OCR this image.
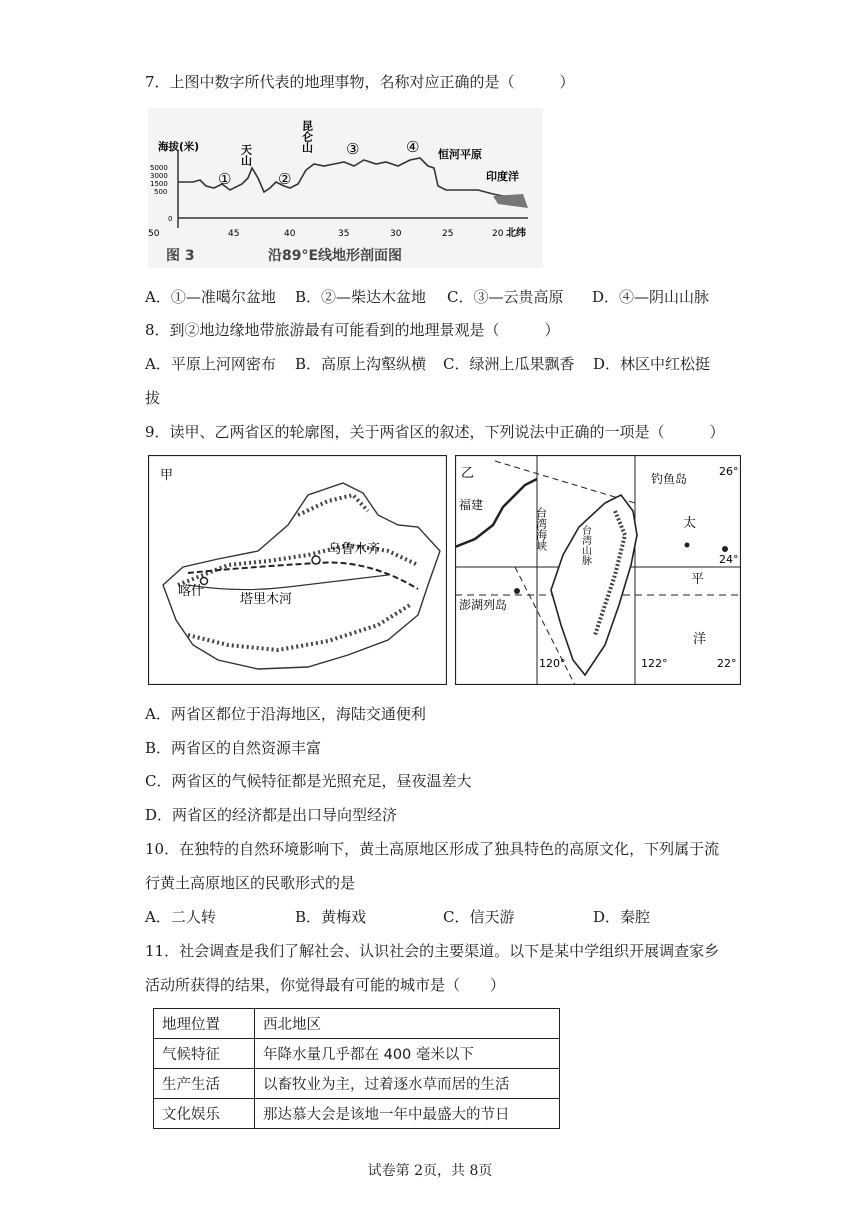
7．上图中数字所代表的地理事物，名称对应正确的是（　　　）
海拔(米)
5000
3000
1500
500
0
①	②
③	④
天山
昆仑山
恒河平原
印度洋
50	45	40	35	30	25	20 北纬
图 3	沿89°E线地形剖面图
A．①—准噶尔盆地 B．②—柴达木盆地 C．③—云贵高原 D．④—阴山山脉
8．到②地边缘地带旅游最有可能看到的地理景观是（　　　）
A．平原上河网密布 B．高原上沟壑纵横 C．绿洲上瓜果飘香 D．林区中红松挺
拔
9．读甲、乙两省区的轮廓图，关于两省区的叙述，下列说法中正确的一项是（　　　）
甲
乌鲁木齐
喀什
塔里木河
乙
福建
台湾海峡
澎湖列岛
钓鱼岛
太
平
洋
台湾山脉
26°
24°
22°
120°	122°
A．两省区都位于沿海地区，海陆交通便利
B．两省区的自然资源丰富
C．两省区的气候特征都是光照充足，昼夜温差大
D．两省区的经济都是出口导向型经济
10．在独特的自然环境影响下，黄土高原地区形成了独具特色的高原文化，下列属于流
行黄土高原地区的民歌形式的是
A．二人转	B．黄梅戏	C．信天游	D．秦腔
11．社会调查是我们了解社会、认识社会的主要渠道。以下是某中学组织开展调查家乡
活动所获得的结果，你觉得最有可能的城市是（　　）
地理位置	西北地区
气候特征	年降水量几乎都在 400 毫米以下
生产生活	以畜牧业为主，过着逐水草而居的生活
文化娱乐	那达慕大会是该地一年中最盛大的节日
试卷第 2页，共 8页
